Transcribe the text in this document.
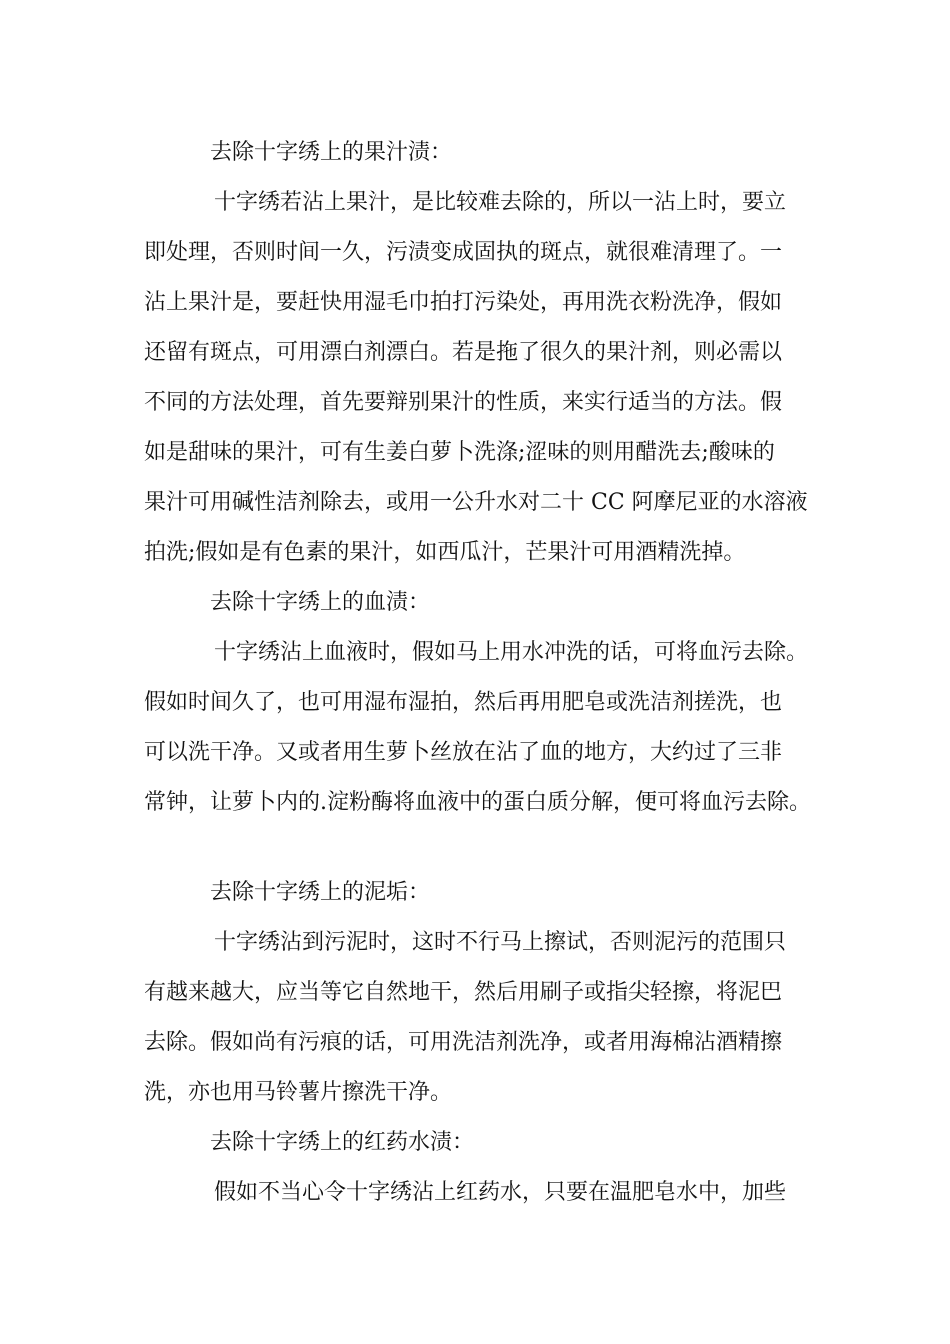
去除十字绣上的果汁渍：

十字绣若沾上果汁，是比较难去除的，所以一沾上时，要立
即处理，否则时间一久，污渍变成固执的斑点，就很难清理了。一
沾上果汁是，要赶快用湿毛巾拍打污染处，再用洗衣粉洗净，假如
还留有斑点，可用漂白剂漂白。若是拖了很久的果汁剂，则必需以
不同的方法处理，首先要辩别果汁的性质，来实行适当的方法。假
如是甜味的果汁，可有生姜白萝卜洗涤;涩味的则用醋洗去;酸味的
果汁可用碱性洁剂除去，或用一公升水对二十 CC 阿摩尼亚的水溶液
拍洗;假如是有色素的果汁，如西瓜汁，芒果汁可用酒精洗掉。

去除十字绣上的血渍：

十字绣沾上血液时，假如马上用水冲洗的话，可将血污去除。
假如时间久了，也可用湿布湿拍，然后再用肥皂或洗洁剂搓洗，也
可以洗干净。又或者用生萝卜丝放在沾了血的地方，大约过了三非
常钟，让萝卜内的.淀粉酶将血液中的蛋白质分解，便可将血污去除。

去除十字绣上的泥垢：

十字绣沾到污泥时，这时不行马上擦试，否则泥污的范围只
有越来越大，应当等它自然地干，然后用刷子或指尖轻擦，将泥巴
去除。假如尚有污痕的话，可用洗洁剂洗净，或者用海棉沾酒精擦
洗，亦也用马铃薯片擦洗干净。

去除十字绣上的红药水渍：

假如不当心令十字绣沾上红药水，只要在温肥皂水中，加些
